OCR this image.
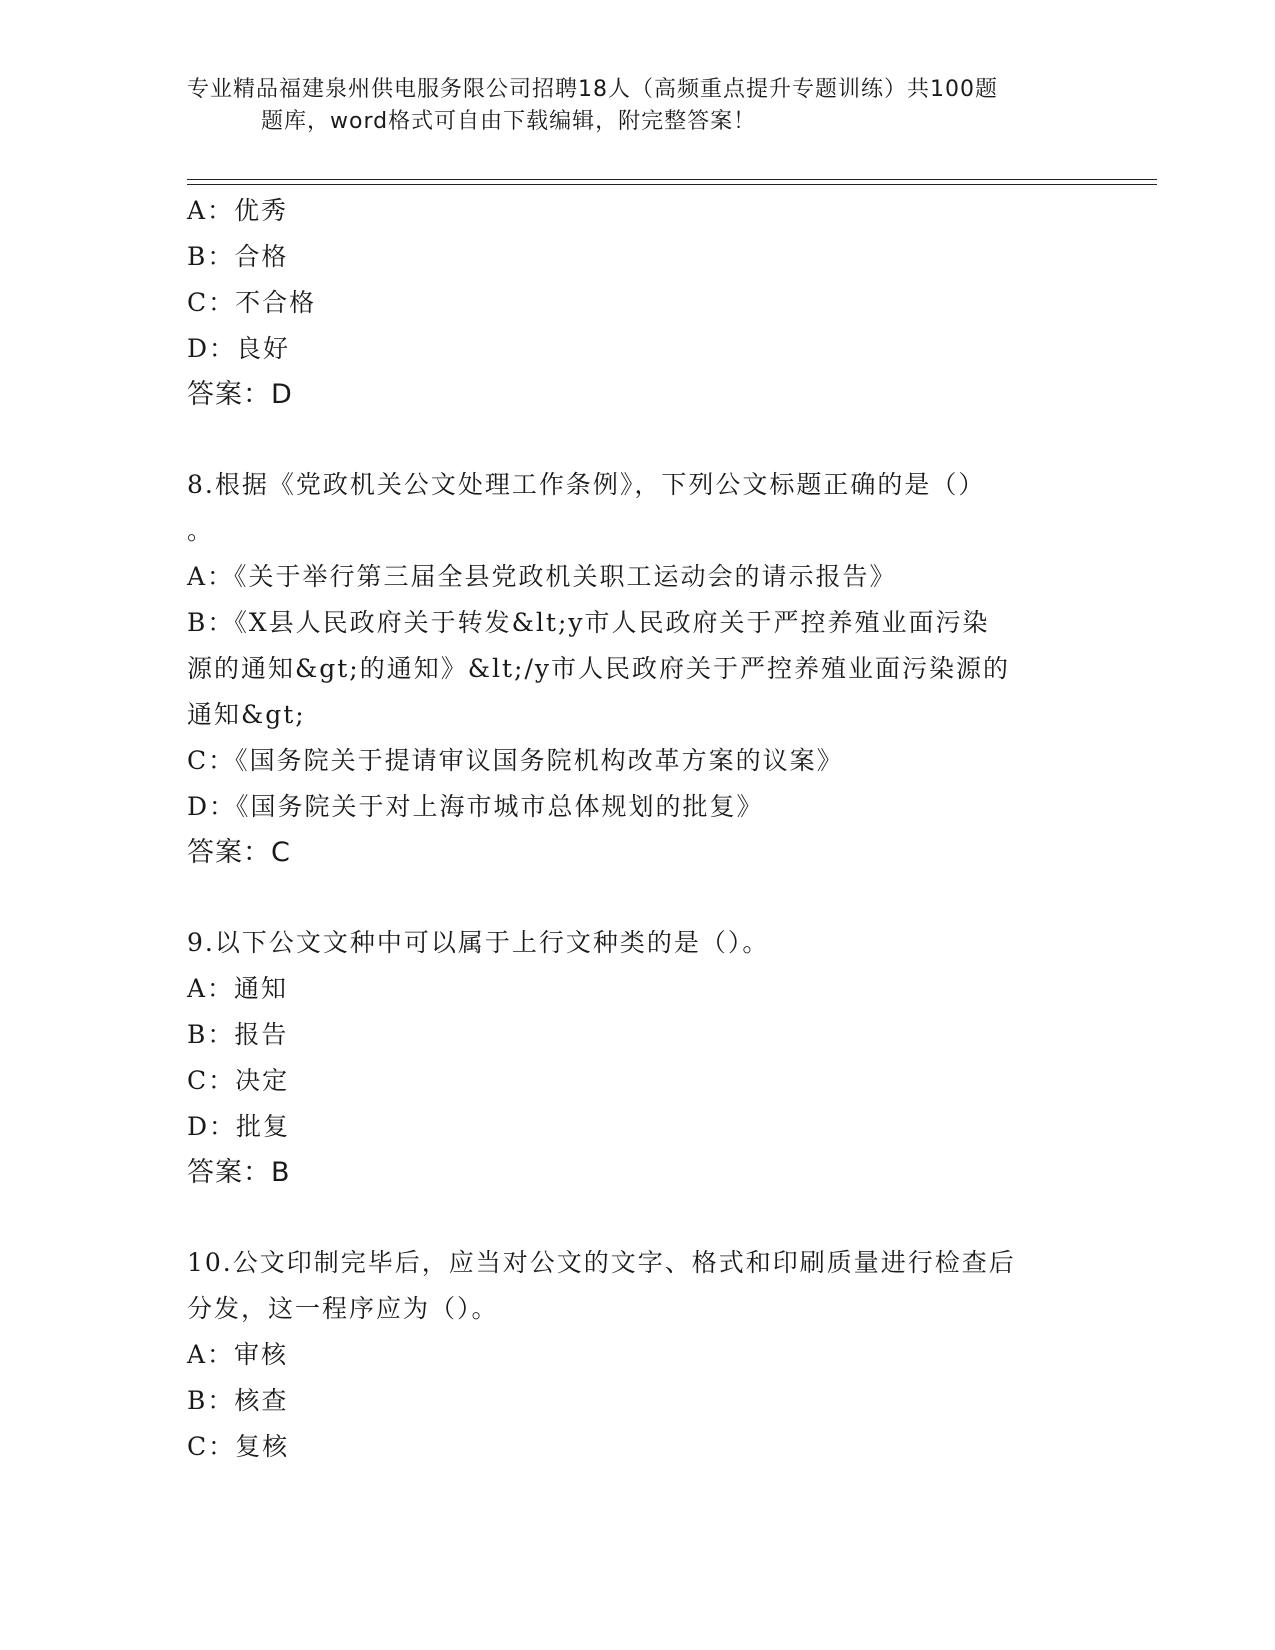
专业精品福建泉州供电服务限公司招聘18人（高频重点提升专题训练）共100题
题库，word格式可自由下载编辑，附完整答案！
A：优秀
B：合格
C：不合格
D：良好
答案：D
8.根据《党政机关公文处理工作条例》，下列公文标题正确的是（）
。
A：《关于举行第三届全县党政机关职工运动会的请示报告》
B：《X县人民政府关于转发&lt;y市人民政府关于严控养殖业面污染
源的通知&gt;的通知》&lt;/y市人民政府关于严控养殖业面污染源的
通知&gt;
C：《国务院关于提请审议国务院机构改革方案的议案》
D：《国务院关于对上海市城市总体规划的批复》
答案：C
9.以下公文文种中可以属于上行文种类的是（）。
A：通知
B：报告
C：决定
D：批复
答案：B
10.公文印制完毕后，应当对公文的文字、格式和印刷质量进行检查后
分发，这一程序应为（）。
A：审核
B：核查
C：复核
